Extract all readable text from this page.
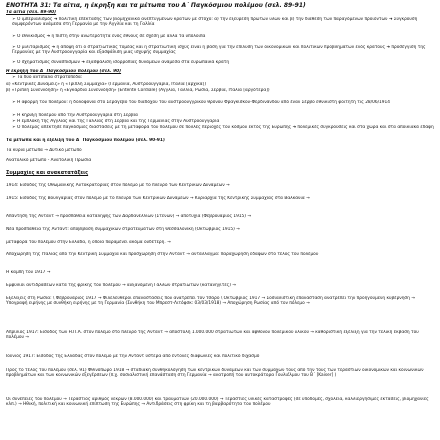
ΕΝΟΤΗΤΑ 31: Τα αίτια, η έκρηξη και τα μέτωπα του Α΄ Παγκόσμιου πολέμου (σελ. 89-91)
Τα αίτια (σελ. 89-90)
➢ Ο ιμπεριαλισμός ➜ πολιτική επέκτασης των βιομηχανικά ανεπτυγμένων κρατών με στόχο: α) την εξεύρεση πρώτων υλών και β) την διάθεση των παραγόμενων προϊόντων ➜ Σύγκρουση συμφερόντων ανάμεσα στη Γερμανία με την Αγγλία και τη Γαλλία
➢ Ο εθνικισμός ➜ η πίστη στην ανωτερότητα ενός έθνους σε σχέση με άλλα τα υπόλοιπα
➢ Ο μιλιταρισμός ➜ η άποψη ότι ο στρατιωτικός τομέας και η στρατιωτική ισχύς είναι η βάση για την επίλυση των οικονομικών και πολιτικών προβλημάτων ενός κράτους ➜ προσέγγιση της Γερμανίας με την Αυστροουγγαρία και εξασφάλιση μιας ισχυρής συμμαχίας
➢ Ο σχηματισμός συνασπισμών ➜ εξασφάλιση ισορροπίας δυνάμεων ανάμεσα στα ευρωπαϊκά κράτη
Η έκρηξη του Α΄ Παγκόσμιου πολέμου (σελ. 90)
➢ Τα δύο αντίπαλα στρατόπεδα:
α) «Κεντρικές Δυνάμεις» ή «Τριπλή Συμμαχία» (Γερμανία, Αυστροουγγαρία, Ιταλία [αρχικά])
β) «Τριπλή Συνεννόηση» ή «Εγκάρδια Συνεννόηση» [Entente Cordiale] (Αγγλία, Γαλλία, Ρωσία, Σερβία, Ιταλία [αργότερα])
➢ Η αφορμή του πολέμου: η δολοφονία στο Σεράγεβο του διαδόχου του αυστροουγγρικού θρόνου Φραγκίσκου-Φερδινάνδου από έναν Σέρβο εθνικιστή φοιτητή τις 28/06/1914
➢ Η κήρυξη πολέμου από την Αυστροουγγαρία στη Σερβία
➢ Η εμπλοκή της Αγγλίας και της Γαλλίας στη Σερβία και της Γερμανίας στην Αυστροουγγαρία
➢ Ο πόλεμος απέκτησε παγκόσμιες διαστάσεις με τη μεταφορά του πολέμου σε πολλές περιοχές του κόσμου εκτός της Ευρώπης ➜ πολεμικές συγκρούσεις και στα χώρα και στα αποικιακά εδάφη
Τα μέτωπα και η εξέλιξη του Α΄ Παγκόσμιου πολέμου (σελ. 90-91)
Τα κύρια μέτωπα → Δυτικό μέτωπο
Ανατολικό μέτωπο - Ανατολική Πρωσία
Συμμαχίες και ανακατατάξεις
1914: Είσοδος της Οθωμανικής Αυτοκρατορίας στον πόλεμο με το πλευρό των Κεντρικών Δυνάμεων →
1915: Είσοδος της Βουλγαρίας στον πόλεμο με το πλευρό των Κεντρικών Δυνάμεων → Κυριαρχία της Κεντρικής Συμμαχίας στα Βαλκάνια →
Απάντηση της Αντάντ → προσπάθεια κατάληψης των Δαρδανελλίων (Στενών) → αποτυχία (Φεβρουάριος 1915) →
Νέα προσπάθεια της Αντάντ: αποβίβαση συμμαχικών στρατευμάτων στη Θεσσαλονίκη (Οκτώβριος 1915) →
μεταφορά του πολέμου στην Ελλάδα, η οποία παραμένει ακόμα ουδέτερη. →
Αποχώρηση της Ιταλίας από την Κεντρική Συμμαχία και προσχώρηση στην Αντάντ → αντάλλαγμα: παραχώρηση εδαφών στο τέλος του πολέμου
Η καμπή του 1917 →
Εμφύλιοι αντιδράσεων κατά της φρίκης του πολέμου → αυξανόμενη Γάλλων στρατιωτών (κατανηγίτες) →
Εξελίξεις στη Ρωσία: \ Φεβρουάριος 1917 → Φιλελεύθεροι επαναστάσεις που ανατρέπει τον τσάρο \ Οκτώβριος 1917 → Σοσιαλιστική επανάσταση ανατρέπει την προηγούμενη κυβέρνηση → Υπογραφή ειρήνης με συνθήκη ειρήνης με τη Γερμανία (Συνθήκη του Μπρεστ-Λιτόφσκ: 03/03/1918) → Αποχώρηση Ρωσίας από τον πόλεμο →
Απρίλιος 1917: Είσοδος των Η.Π.Α. στον πόλεμο στο πλευρό της Αντάντ → αποστολή 1.000.000 στρατιωτών και άφθονου πολεμικού υλικού → καθοριστική εξέλιξη για την τελική έκβαση του πολέμου →
Ιούνιος 1917: Είσοδος της Ελλάδας στον πόλεμο με την Αντάντ ύστερα από έντονες διαφωνίες και πολιτικό διχασμό
Προς το τέλος του πολέμου (σελ. 91) Φθινόπωρο 1918 → σταδιακή συνθηκολόγηση των κεντρικών δυνάμεων και των συμμάχων τους από την τους των τεράστιων οικονομικών και κοινωνικών προβλημάτων και των κοινωνικών εξεγέρσεων (π.χ. σοσιαλιστική επανάσταση στη Γερμανία → ανατροπή του αυτοκράτορα Γουλιέλμου του Β΄ [Kaiser] )
Οι συνέπειες του πολέμου → Τεράστιος αριθμός νεκρών (8.000.000) και τραυματιών (20.000.000) → Τεράστιες υλικές καταστροφές (σε υποδομές, σχολεία, καλλιεργήσιμες εκτάσεις, βιομηχανίες κλπ.) → Ηθική, πολιτική και κοινωνική επίπτωση της Ευρώπης → Αντιδράσεις στη φρίκη και τη βαρβαρότητα του πολέμου
